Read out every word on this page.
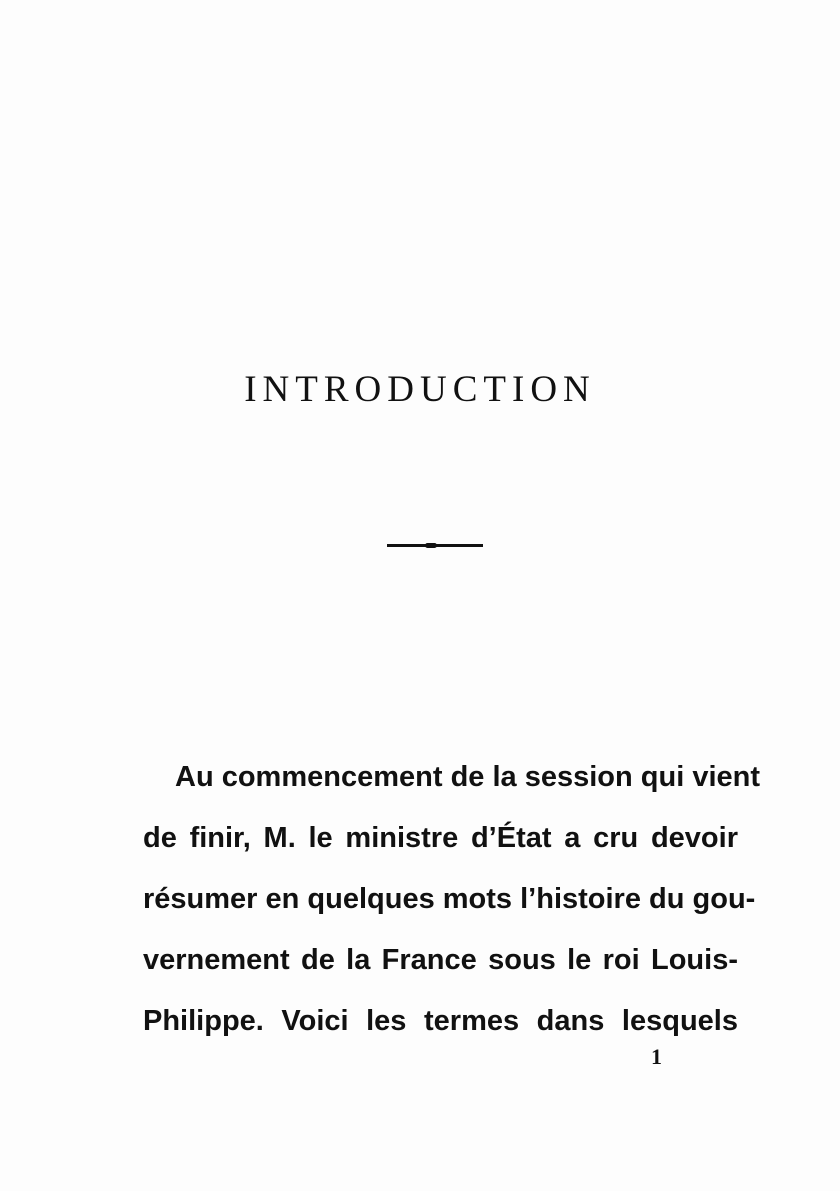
INTRODUCTION
Au commencement de la session qui vient
de finir, M. le ministre d’État a cru devoir
résumer en quelques mots l’histoire du gou-
vernement de la France sous le roi Louis-
Philippe. Voici les termes dans lesquels
1
